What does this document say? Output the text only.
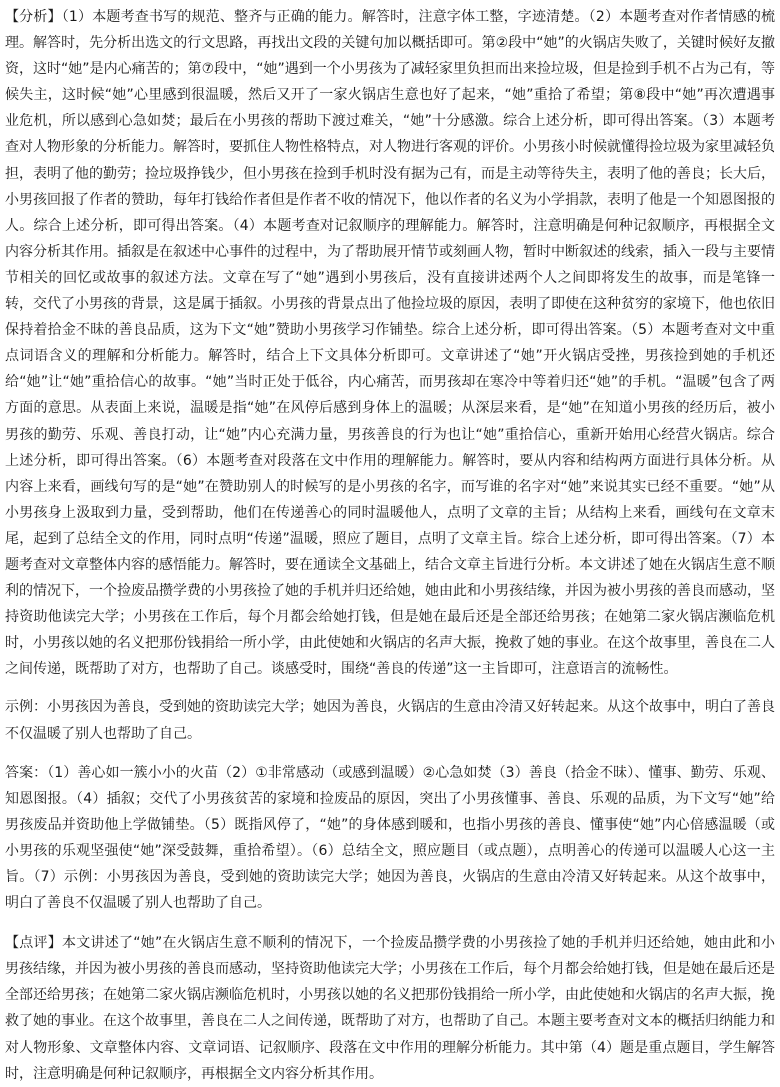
【分析】（1）本题考查书写的规范、整齐与正确的能力。解答时，注意字体工整，字迹清楚。（2）本题考查对作者情感的梳理。解答时，先分析出选文的行文思路，再找出文段的关键句加以概括即可。第②段中“她”的火锅店失败了，关键时候好友撤资，这时“她”是内心痛苦的；第⑦段中，“她”遇到一个小男孩为了减轻家里负担而出来捡垃圾，但是捡到手机不占为己有，等候失主，这时候“她”心里感到很温暖，然后又开了一家火锅店生意也好了起来，“她”重拾了希望；第⑧段中“她”再次遭遇事业危机，所以感到心急如焚；最后在小男孩的帮助下渡过难关，“她”十分感激。综合上述分析，即可得出答案。（3）本题考查对人物形象的分析能力。解答时，要抓住人物性格特点，对人物进行客观的评价。小男孩小时候就懂得捡垃圾为家里减轻负担，表明了他的勤劳；捡垃圾挣钱少，但小男孩在捡到手机时没有据为己有，而是主动等待失主，表明了他的善良；长大后，小男孩回报了作者的赞助，每年打钱给作者但是作者不收的情况下，他以作者的名义为小学捐款，表明了他是一个知恩图报的人。综合上述分析，即可得出答案。（4）本题考查对记叙顺序的理解能力。解答时，注意明确是何种记叙顺序，再根据全文内容分析其作用。插叙是在叙述中心事件的过程中，为了帮助展开情节或刻画人物，暂时中断叙述的线索，插入一段与主要情节相关的回忆或故事的叙述方法。文章在写了“她”遇到小男孩后，没有直接讲述两个人之间即将发生的故事，而是笔锋一转，交代了小男孩的背景，这是属于插叙。小男孩的背景点出了他捡垃圾的原因，表明了即使在这种贫穷的家境下，他也依旧保持着拾金不昧的善良品质，这为下文“她”赞助小男孩学习作铺垫。综合上述分析，即可得出答案。（5）本题考查对文中重点词语含义的理解和分析能力。解答时，结合上下文具体分析即可。文章讲述了“她”开火锅店受挫，男孩捡到她的手机还给“她”让“她”重拾信心的故事。“她”当时正处于低谷，内心痛苦，而男孩却在寒冷中等着归还“她”的手机。“温暖”包含了两方面的意思。从表面上来说，温暖是指“她”在风停后感到身体上的温暖；从深层来看，是“她”在知道小男孩的经历后，被小男孩的勤劳、乐观、善良打动，让“她”内心充满力量，男孩善良的行为也让“她”重拾信心，重新开始用心经营火锅店。综合上述分析，即可得出答案。（6）本题考查对段落在文中作用的理解能力。解答时，要从内容和结构两方面进行具体分析。从内容上来看，画线句写的是“她”在赞助别人的时候写的是小男孩的名字，而写谁的名字对“她”来说其实已经不重要。“她”从小男孩身上汲取到力量，受到帮助，他们在传递善心的同时温暖他人，点明了文章的主旨；从结构上来看，画线句在文章末尾，起到了总结全文的作用，同时点明“传递”温暖，照应了题目，点明了文章主旨。综合上述分析，即可得出答案。（7）本题考查对文章整体内容的感悟能力。解答时，要在通读全文基础上，结合文章主旨进行分析。本文讲述了她在火锅店生意不顺利的情况下，一个捡废品攒学费的小男孩捡了她的手机并归还给她，她由此和小男孩结缘，并因为被小男孩的善良而感动，坚持资助他读完大学；小男孩在工作后，每个月都会给她打钱，但是她在最后还是全部还给男孩；在她第二家火锅店濒临危机时，小男孩以她的名义把那份钱捐给一所小学，由此使她和火锅店的名声大振，挽救了她的事业。在这个故事里，善良在二人之间传递，既帮助了对方，也帮助了自己。谈感受时，围绕“善良的传递”这一主旨即可，注意语言的流畅性。

示例：小男孩因为善良，受到她的资助读完大学；她因为善良，火锅店的生意由冷清又好转起来。从这个故事中，明白了善良不仅温暖了别人也帮助了自己。

答案：（1）善心如一簇小小的火苗（2）①非常感动（或感到温暖）②心急如焚（3）善良（拾金不昧）、懂事、勤劳、乐观、知恩图报。（4）插叙；交代了小男孩贫苦的家境和捡废品的原因，突出了小男孩懂事、善良、乐观的品质，为下文写“她”给男孩废品并资助他上学做铺垫。（5）既指风停了，“她”的身体感到暖和，也指小男孩的善良、懂事使“她”内心倍感温暖（或小男孩的乐观坚强使“她”深受鼓舞，重拾希望）。（6）总结全文，照应题目（或点题），点明善心的传递可以温暖人心这一主旨。（7）示例：小男孩因为善良，受到她的资助读完大学；她因为善良，火锅店的生意由冷清又好转起来。从这个故事中，明白了善良不仅温暖了别人也帮助了自己。

【点评】本文讲述了“她”在火锅店生意不顺利的情况下，一个捡废品攒学费的小男孩捡了她的手机并归还给她，她由此和小男孩结缘，并因为被小男孩的善良而感动，坚持资助他读完大学；小男孩在工作后，每个月都会给她打钱，但是她在最后还是全部还给男孩；在她第二家火锅店濒临危机时，小男孩以她的名义把那份钱捐给一所小学，由此使她和火锅店的名声大振，挽救了她的事业。在这个故事里，善良在二人之间传递，既帮助了对方，也帮助了自己。本题主要考查对文本的概括归纳能力和对人物形象、文章整体内容、文章词语、记叙顺序、段落在文中作用的理解分析能力。其中第（4）题是重点题目，学生解答时，注意明确是何种记叙顺序，再根据全文内容分析其作用。
